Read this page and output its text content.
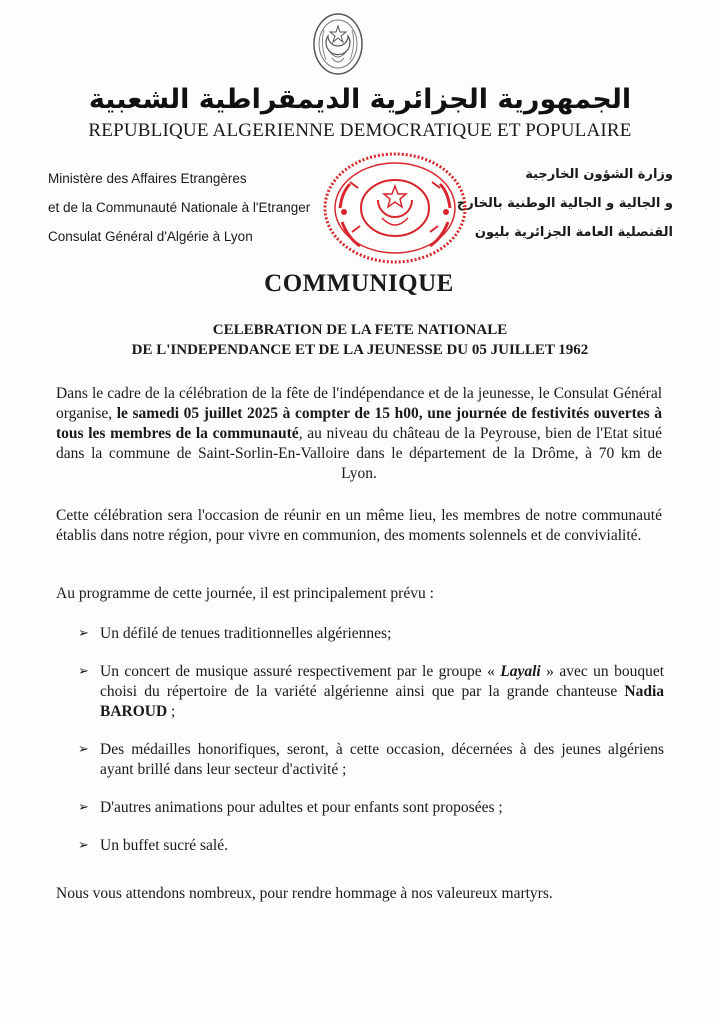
الجمهورية الجزائرية الديمقراطية الشعبية
REPUBLIQUE ALGERIENNE DEMOCRATIQUE ET POPULAIRE
Ministère des Affaires Etrangères
et de la Communauté Nationale à l'Etranger
Consulat Général d'Algérie à Lyon
وزارة الشؤون الخارجية
و الجالية و الجالية الوطنية بالخارج
القنصلية العامة الجزائرية بليون
COMMUNIQUE
CELEBRATION DE LA FETE NATIONALE
DE L'INDEPENDANCE ET DE LA JEUNESSE DU 05 JUILLET 1962
Dans le cadre de la célébration de la fête de l'indépendance et de la jeunesse, le Consulat Général organise, le samedi 05 juillet 2025 à compter de 15 h00, une journée de festivités ouvertes à tous les membres de la communauté, au niveau du château de la Peyrouse, bien de l'Etat situé dans la commune de Saint-Sorlin-En-Valloire dans le département de la Drôme, à 70 km de Lyon.
Cette célébration sera l'occasion de réunir en un même lieu, les membres de notre communauté établis dans notre région, pour vivre en communion, des moments solennels et de convivialité.
Au programme de cette journée, il est principalement prévu :
➢ Un défilé de tenues traditionnelles algériennes;
➢ Un concert de musique assuré respectivement par le groupe « Layali » avec un bouquet choisi du répertoire de la variété algérienne ainsi que par la grande chanteuse Nadia BAROUD ;
➢ Des médailles honorifiques, seront, à cette occasion, décernées à des jeunes algériens ayant brillé dans leur secteur d'activité ;
➢ D'autres animations pour adultes et pour enfants sont proposées ;
➢ Un buffet sucré salé.
Nous vous attendons nombreux, pour rendre hommage à nos valeureux martyrs.
